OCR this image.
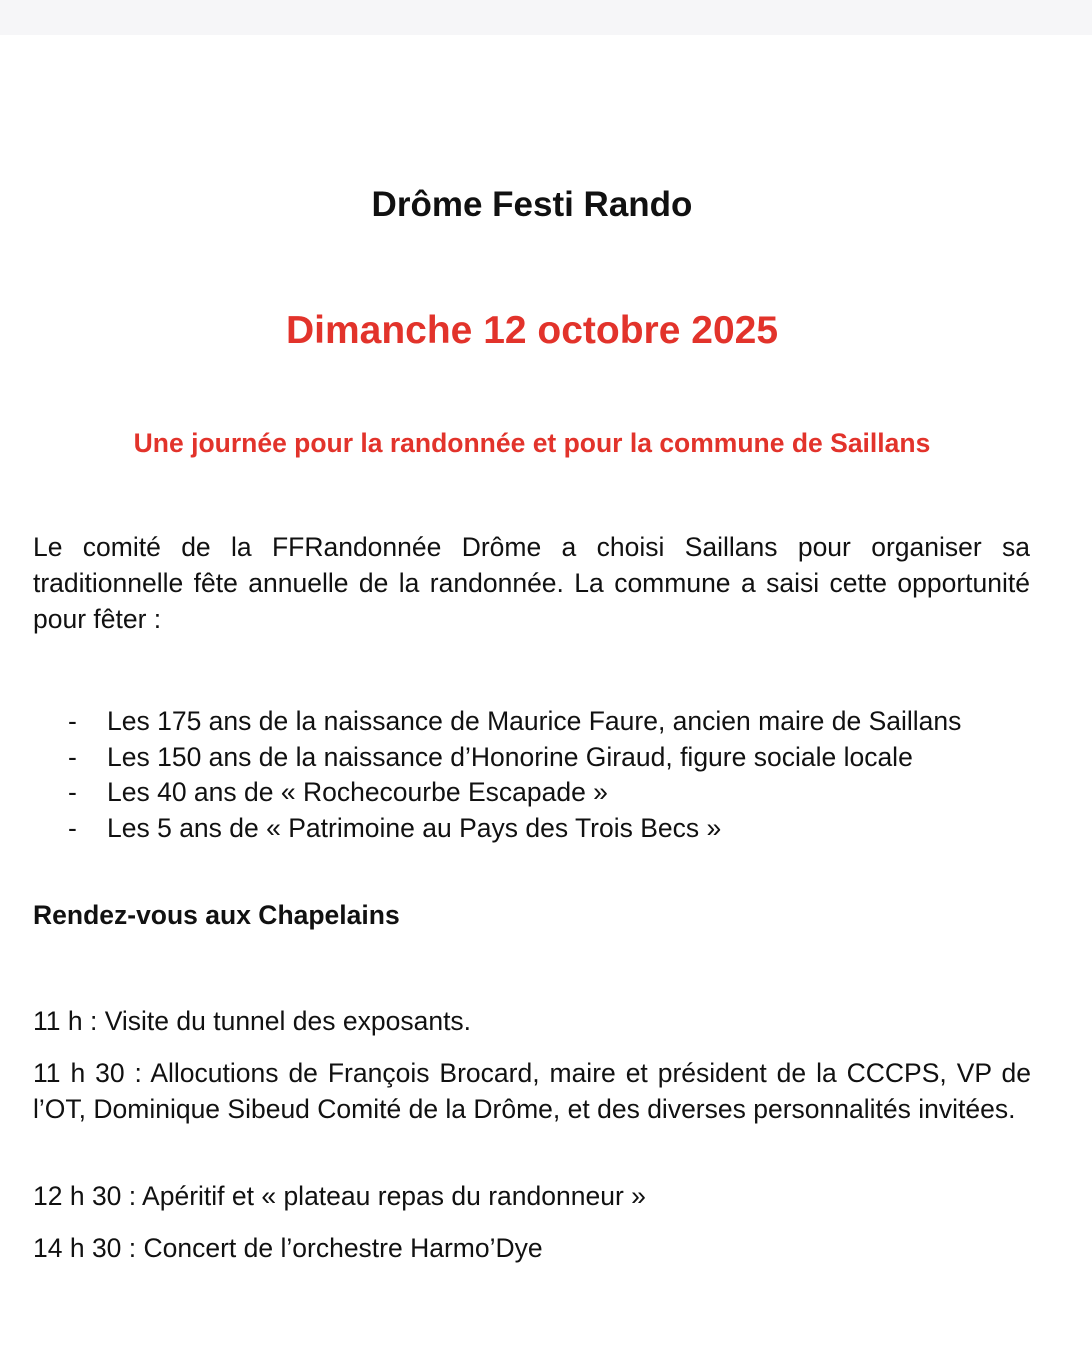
Drôme Festi Rando
Dimanche 12 octobre 2025
Une journée pour la randonnée et pour la commune de Saillans

Le comité de la FFRandonnée Drôme a choisi Saillans pour organiser sa traditionnelle fête annuelle de la randonnée. La commune a saisi cette opportunité pour fêter :

- Les 175 ans de la naissance de Maurice Faure, ancien maire de Saillans
- Les 150 ans de la naissance d’Honorine Giraud, figure sociale locale
- Les 40 ans de « Rochecourbe Escapade »
- Les 5 ans de « Patrimoine au Pays des Trois Becs »
Rendez-vous aux Chapelains

11 h : Visite du tunnel des exposants.

11 h 30 : Allocutions de François Brocard, maire et président de la CCCPS, VP de l’OT, Dominique Sibeud Comité de la Drôme, et des diverses personnalités invitées.

12 h 30 : Apéritif et « plateau repas du randonneur »

14 h 30 : Concert de l’orchestre Harmo’Dye
